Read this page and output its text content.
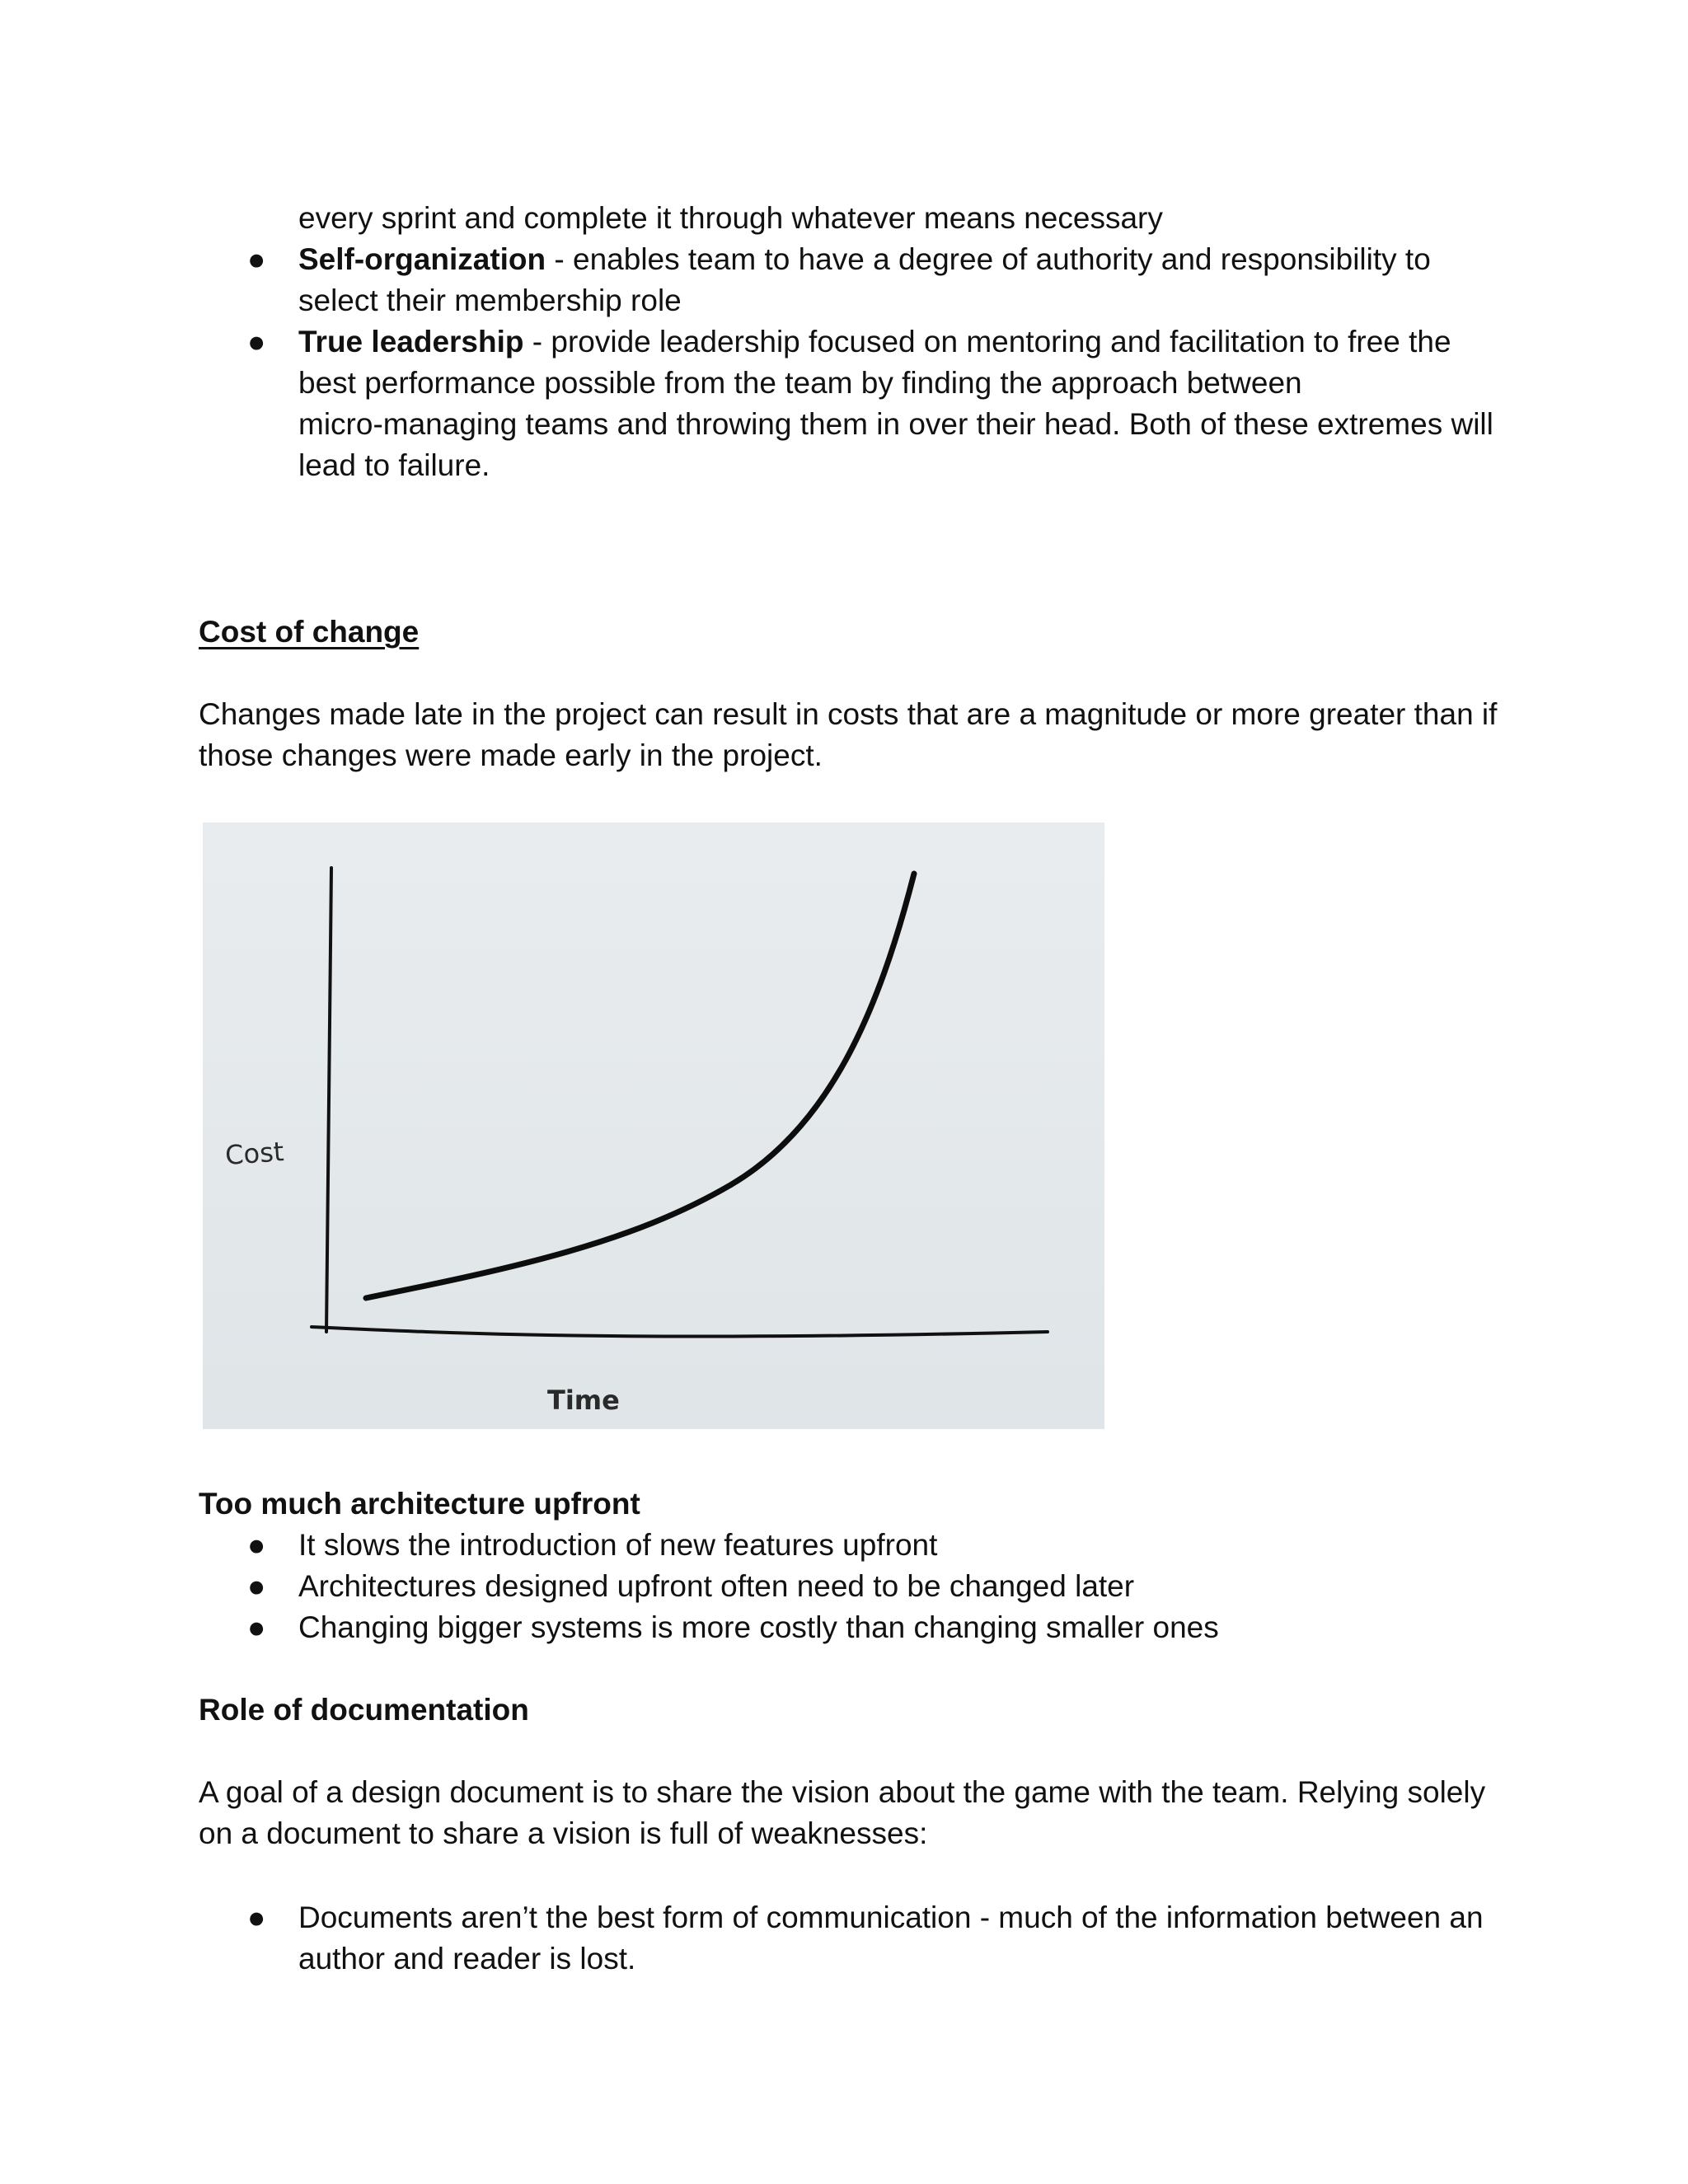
every sprint and complete it through whatever means necessary
● Self-organization - enables team to have a degree of authority and responsibility to
select their membership role
● True leadership - provide leadership focused on mentoring and facilitation to free the
best performance possible from the team by finding the approach between
micro-managing teams and throwing them in over their head. Both of these extremes will
lead to failure.
Cost of change
Changes made late in the project can result in costs that are a magnitude or more greater than if
those changes were made early in the project.
Cost
Time
Too much architecture upfront
● It slows the introduction of new features upfront
● Architectures designed upfront often need to be changed later
● Changing bigger systems is more costly than changing smaller ones
Role of documentation
A goal of a design document is to share the vision about the game with the team. Relying solely
on a document to share a vision is full of weaknesses:
● Documents aren’t the best form of communication - much of the information between an
author and reader is lost.
